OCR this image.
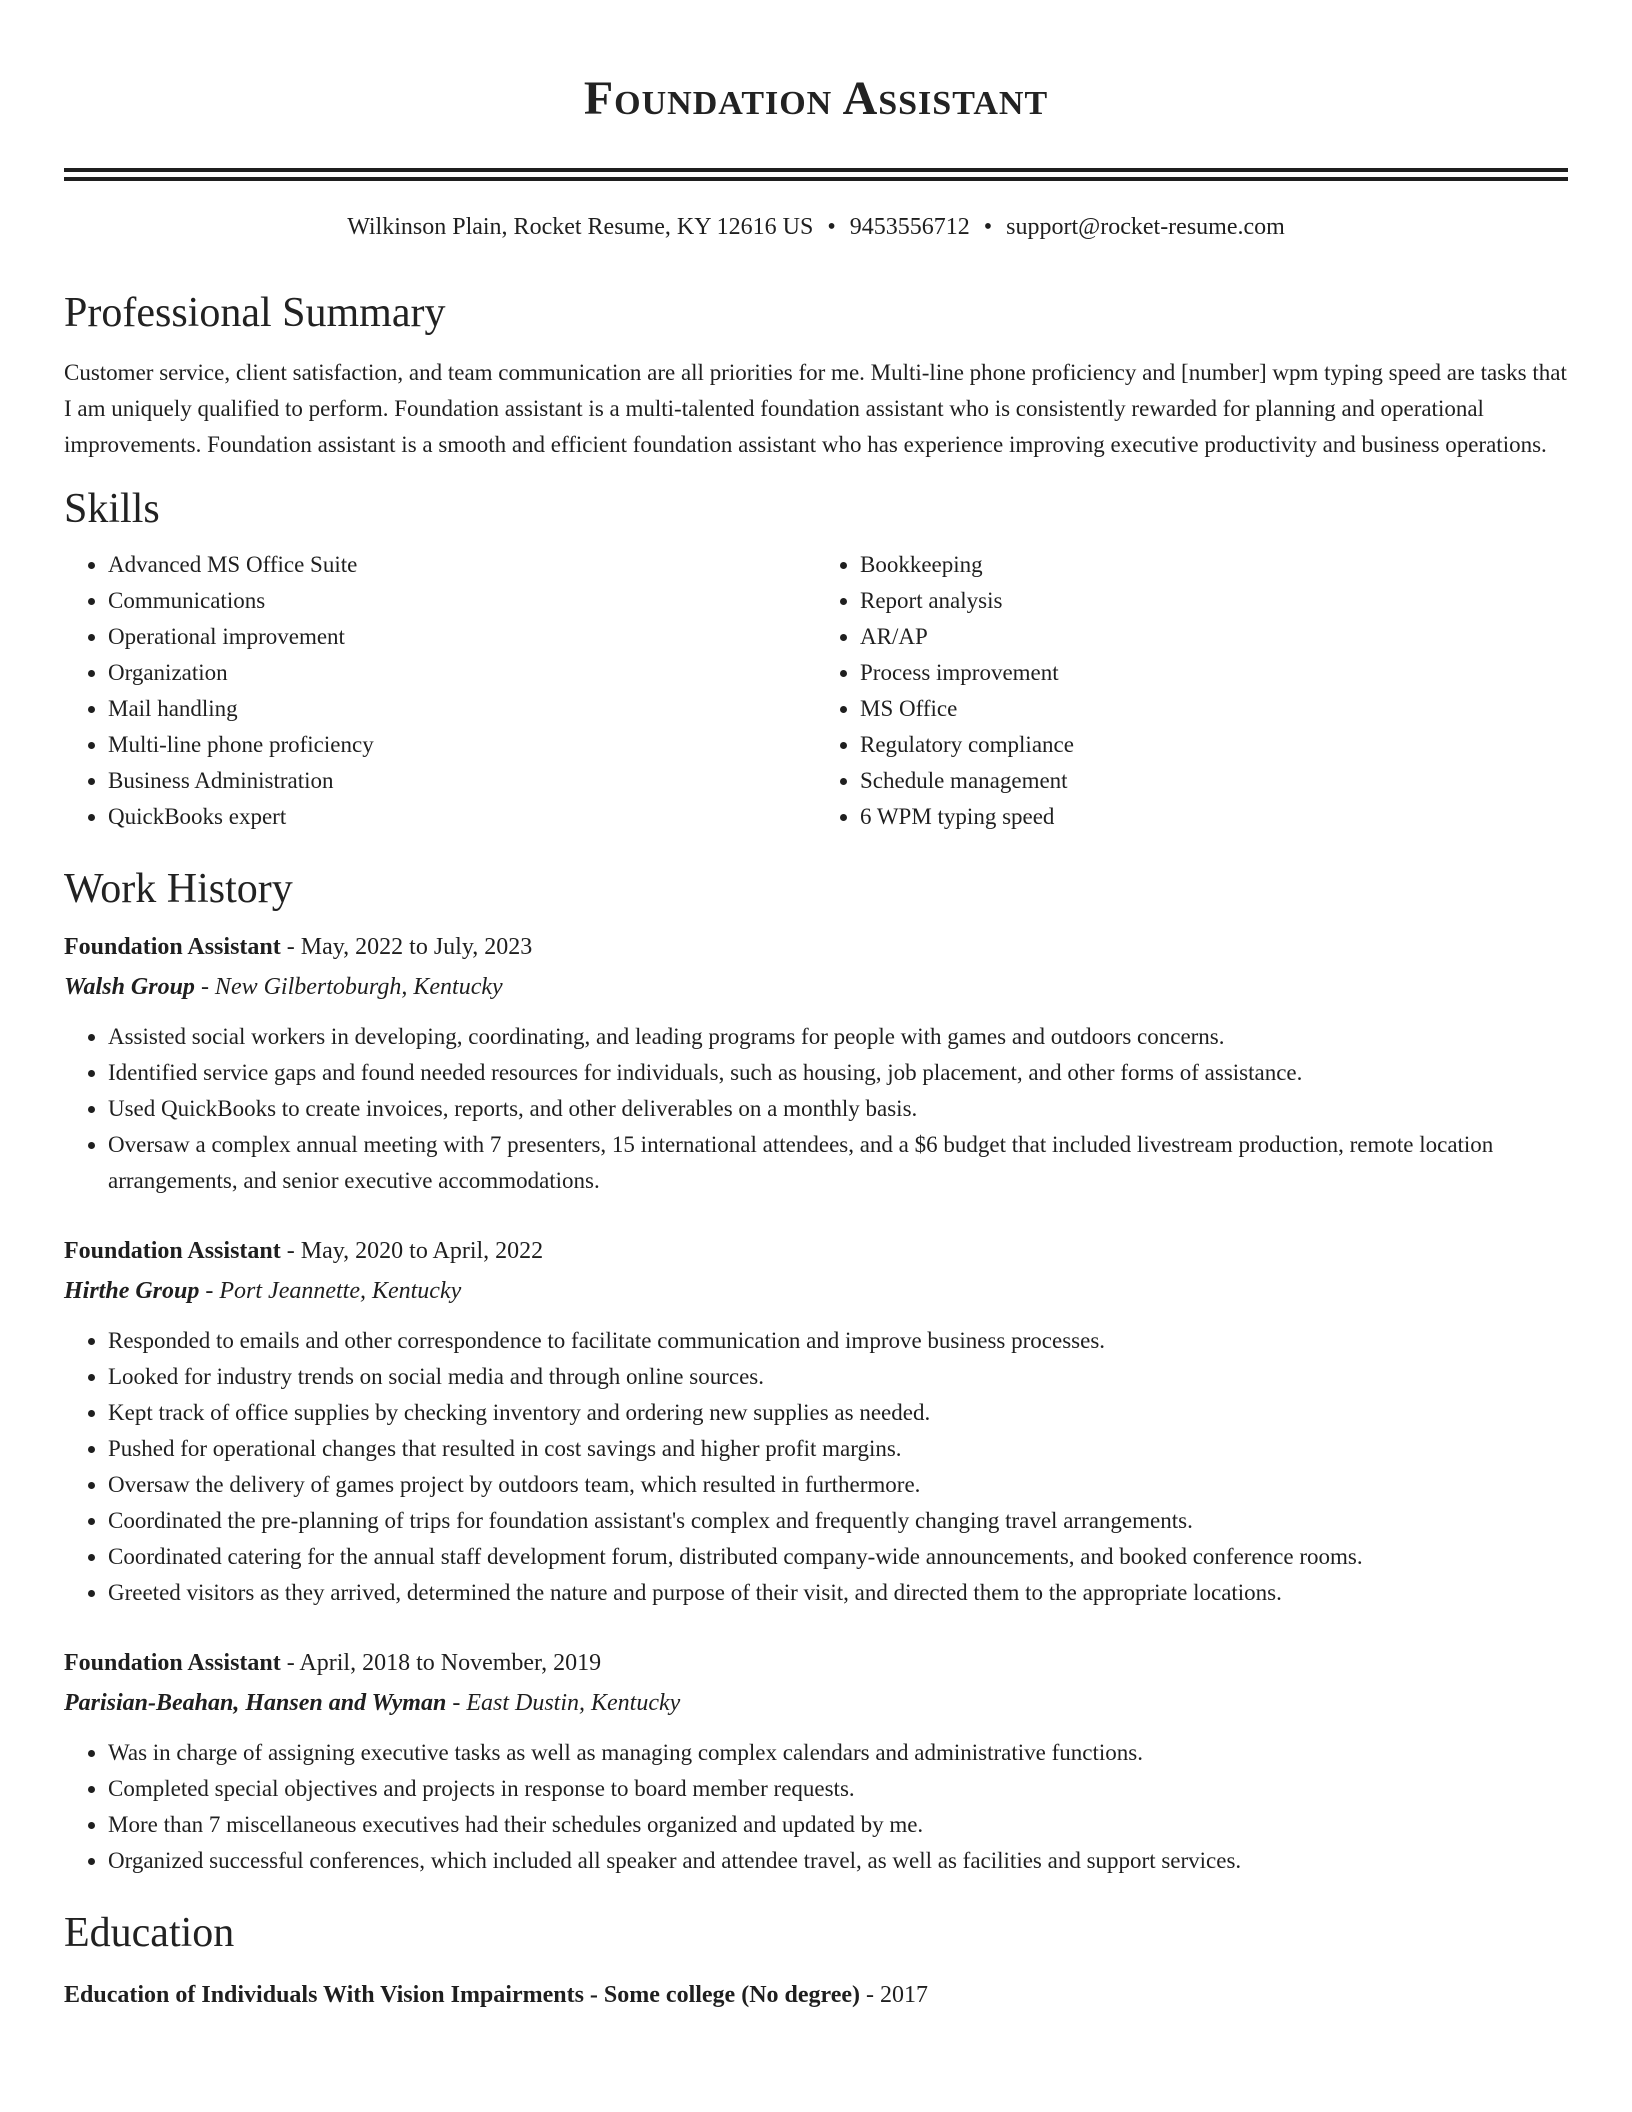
Foundation Assistant
Wilkinson Plain, Rocket Resume, KY 12616 US • 9453556712 • support@rocket-resume.com
Professional Summary
Customer service, client satisfaction, and team communication are all priorities for me. Multi-line phone proficiency and [number] wpm typing speed are tasks that I am uniquely qualified to perform. Foundation assistant is a multi-talented foundation assistant who is consistently rewarded for planning and operational improvements. Foundation assistant is a smooth and efficient foundation assistant who has experience improving executive productivity and business operations.
Skills
• Advanced MS Office Suite
• Communications
• Operational improvement
• Organization
• Mail handling
• Multi-line phone proficiency
• Business Administration
• QuickBooks expert
• Bookkeeping
• Report analysis
• AR/AP
• Process improvement
• MS Office
• Regulatory compliance
• Schedule management
• 6 WPM typing speed
Work History
Foundation Assistant - May, 2022 to July, 2023
Walsh Group - New Gilbertoburgh, Kentucky
• Assisted social workers in developing, coordinating, and leading programs for people with games and outdoors concerns.
• Identified service gaps and found needed resources for individuals, such as housing, job placement, and other forms of assistance.
• Used QuickBooks to create invoices, reports, and other deliverables on a monthly basis.
• Oversaw a complex annual meeting with 7 presenters, 15 international attendees, and a $6 budget that included livestream production, remote location arrangements, and senior executive accommodations.
Foundation Assistant - May, 2020 to April, 2022
Hirthe Group - Port Jeannette, Kentucky
• Responded to emails and other correspondence to facilitate communication and improve business processes.
• Looked for industry trends on social media and through online sources.
• Kept track of office supplies by checking inventory and ordering new supplies as needed.
• Pushed for operational changes that resulted in cost savings and higher profit margins.
• Oversaw the delivery of games project by outdoors team, which resulted in furthermore.
• Coordinated the pre-planning of trips for foundation assistant's complex and frequently changing travel arrangements.
• Coordinated catering for the annual staff development forum, distributed company-wide announcements, and booked conference rooms.
• Greeted visitors as they arrived, determined the nature and purpose of their visit, and directed them to the appropriate locations.
Foundation Assistant - April, 2018 to November, 2019
Parisian-Beahan, Hansen and Wyman - East Dustin, Kentucky
• Was in charge of assigning executive tasks as well as managing complex calendars and administrative functions.
• Completed special objectives and projects in response to board member requests.
• More than 7 miscellaneous executives had their schedules organized and updated by me.
• Organized successful conferences, which included all speaker and attendee travel, as well as facilities and support services.
Education
Education of Individuals With Vision Impairments - Some college (No degree) - 2017
